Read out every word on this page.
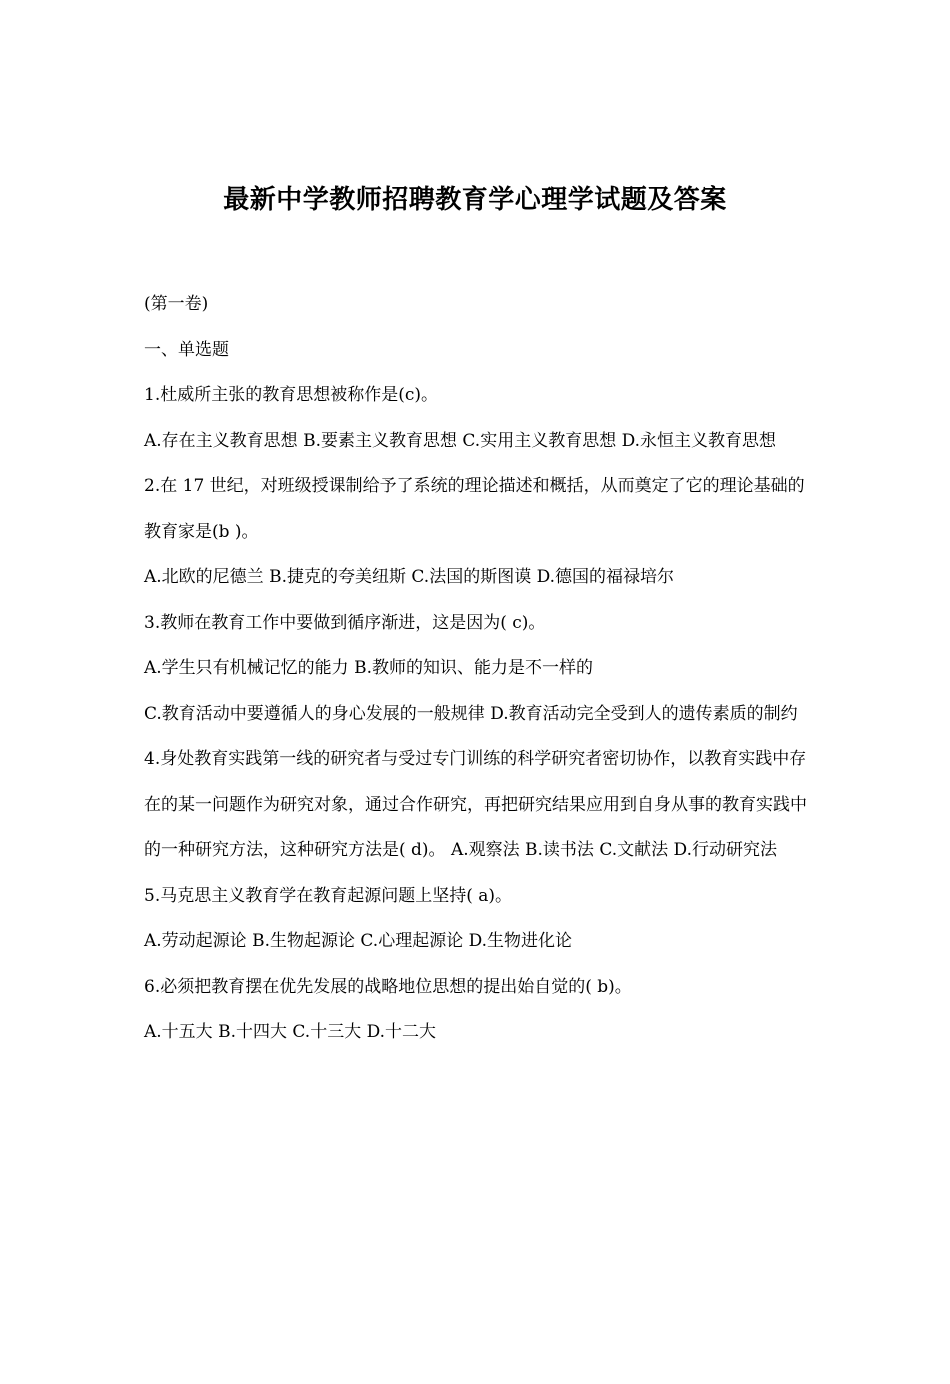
最新中学教师招聘教育学心理学试题及答案

(第一卷)

一、单选题

1.杜威所主张的教育思想被称作是(c)。

A.存在主义教育思想 B.要素主义教育思想 C.实用主义教育思想 D.永恒主义教育思想

2.在 17 世纪，对班级授课制给予了系统的理论描述和概括，从而奠定了它的理论基础的教育家是(b )。

A.北欧的尼德兰 B.捷克的夸美纽斯 C.法国的斯图谟 D.德国的福禄培尔

3.教师在教育工作中要做到循序渐进，这是因为( c)。

A.学生只有机械记忆的能力 B.教师的知识、能力是不一样的

C.教育活动中要遵循人的身心发展的一般规律 D.教育活动完全受到人的遗传素质的制约

4.身处教育实践第一线的研究者与受过专门训练的科学研究者密切协作，以教育实践中存在的某一问题作为研究对象，通过合作研究，再把研究结果应用到自身从事的教育实践中的一种研究方法，这种研究方法是( d)。 A.观察法 B.读书法 C.文献法 D.行动研究法

5.马克思主义教育学在教育起源问题上坚持( a)。

A.劳动起源论 B.生物起源论 C.心理起源论 D.生物进化论

6.必须把教育摆在优先发展的战略地位思想的提出始自觉的( b)。

A.十五大 B.十四大 C.十三大 D.十二大
